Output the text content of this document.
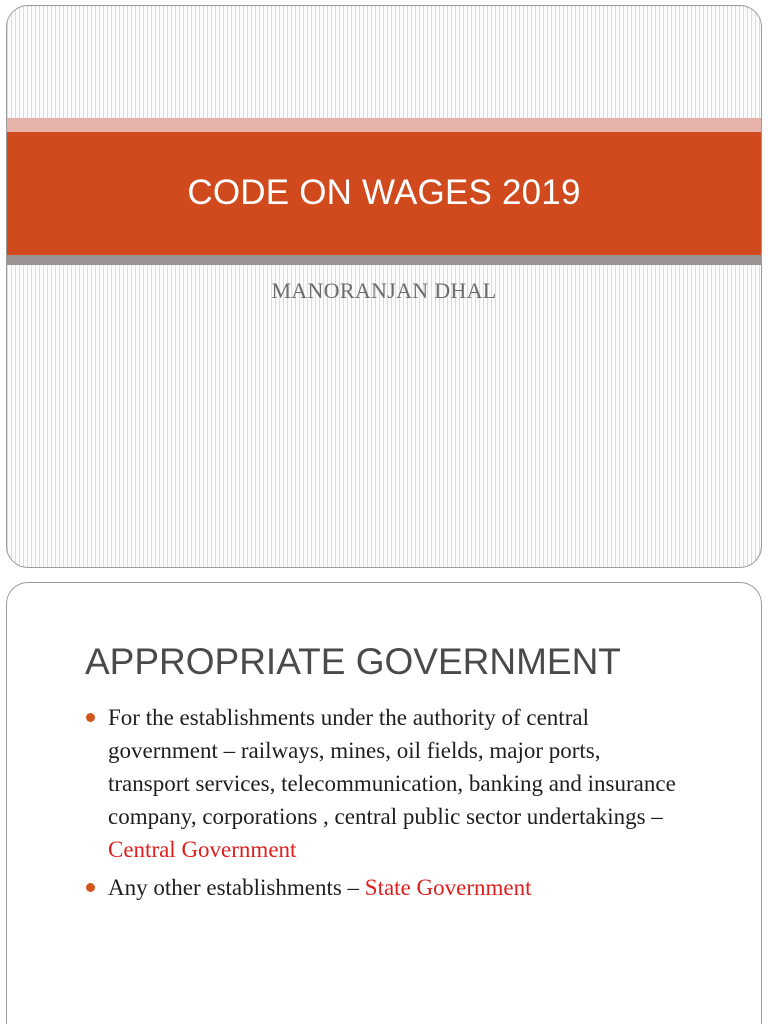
CODE ON WAGES 2019
MANORANJAN DHAL
APPROPRIATE GOVERNMENT
For the establishments under the authority of central government – railways, mines, oil fields, major ports, transport services, telecommunication, banking and insurance company, corporations , central public sector undertakings – Central Government
Any other establishments – State Government
